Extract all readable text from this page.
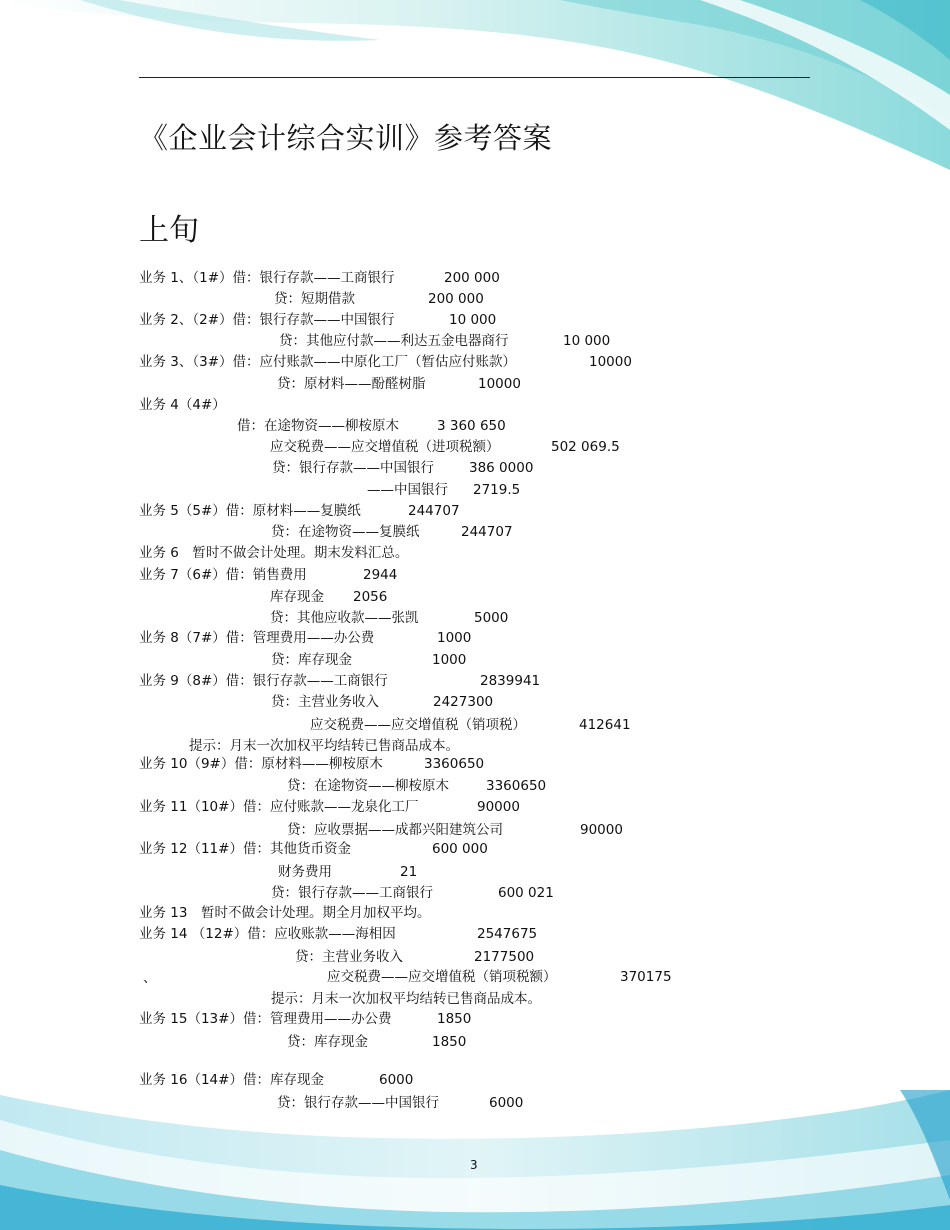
《企业会计综合实训》参考答案
上旬
业务 1、（1#）借：银行存款——工商银行	200 000
贷：短期借款	200 000
业务 2、（2#）借：银行存款——中国银行	10 000
贷：其他应付款——利达五金电器商行	10 000
业务 3、（3#）借：应付账款——中原化工厂（暂估应付账款）	10000
贷：原材料——酚醛树脂	10000
业务 4（4#）
借：在途物资——柳桉原木	3 360 650
应交税费——应交增值税（进项税额）	502 069.5
贷：银行存款——中国银行	386 0000
——中国银行 2719.5
业务 5（5#）借：原材料——复膜纸	244707
贷：在途物资——复膜纸	244707
业务 6　暂时不做会计处理。期末发料汇总。
业务 7（6#）借：销售费用	2944
库存现金 2056
贷：其他应收款——张凯	5000
业务 8（7#）借：管理费用——办公费	1000
贷：库存现金	1000
业务 9（8#）借：银行存款——工商银行	2839941
贷：主营业务收入	2427300
应交税费——应交增值税（销项税）	412641
提示：月末一次加权平均结转已售商品成本。
业务 10（9#）借：原材料——柳桉原木	3360650
贷：在途物资——柳桉原木	3360650
业务 11（10#）借：应付账款——龙泉化工厂	90000
贷：应收票据——成都兴阳建筑公司	90000
业务 12（11#）借：其他货币资金	600 000
财务费用	21
贷：银行存款——工商银行	600 021
业务 13　暂时不做会计处理。期全月加权平均。
业务 14 （12#）借：应收账款——海相因	2547675
贷：主营业务收入	2177500
、	应交税费——应交增值税（销项税额）	370175
提示：月末一次加权平均结转已售商品成本。
业务 15（13#）借：管理费用——办公费	1850
贷：库存现金	1850
业务 16（14#）借：库存现金	6000
贷：银行存款——中国银行	6000
3
